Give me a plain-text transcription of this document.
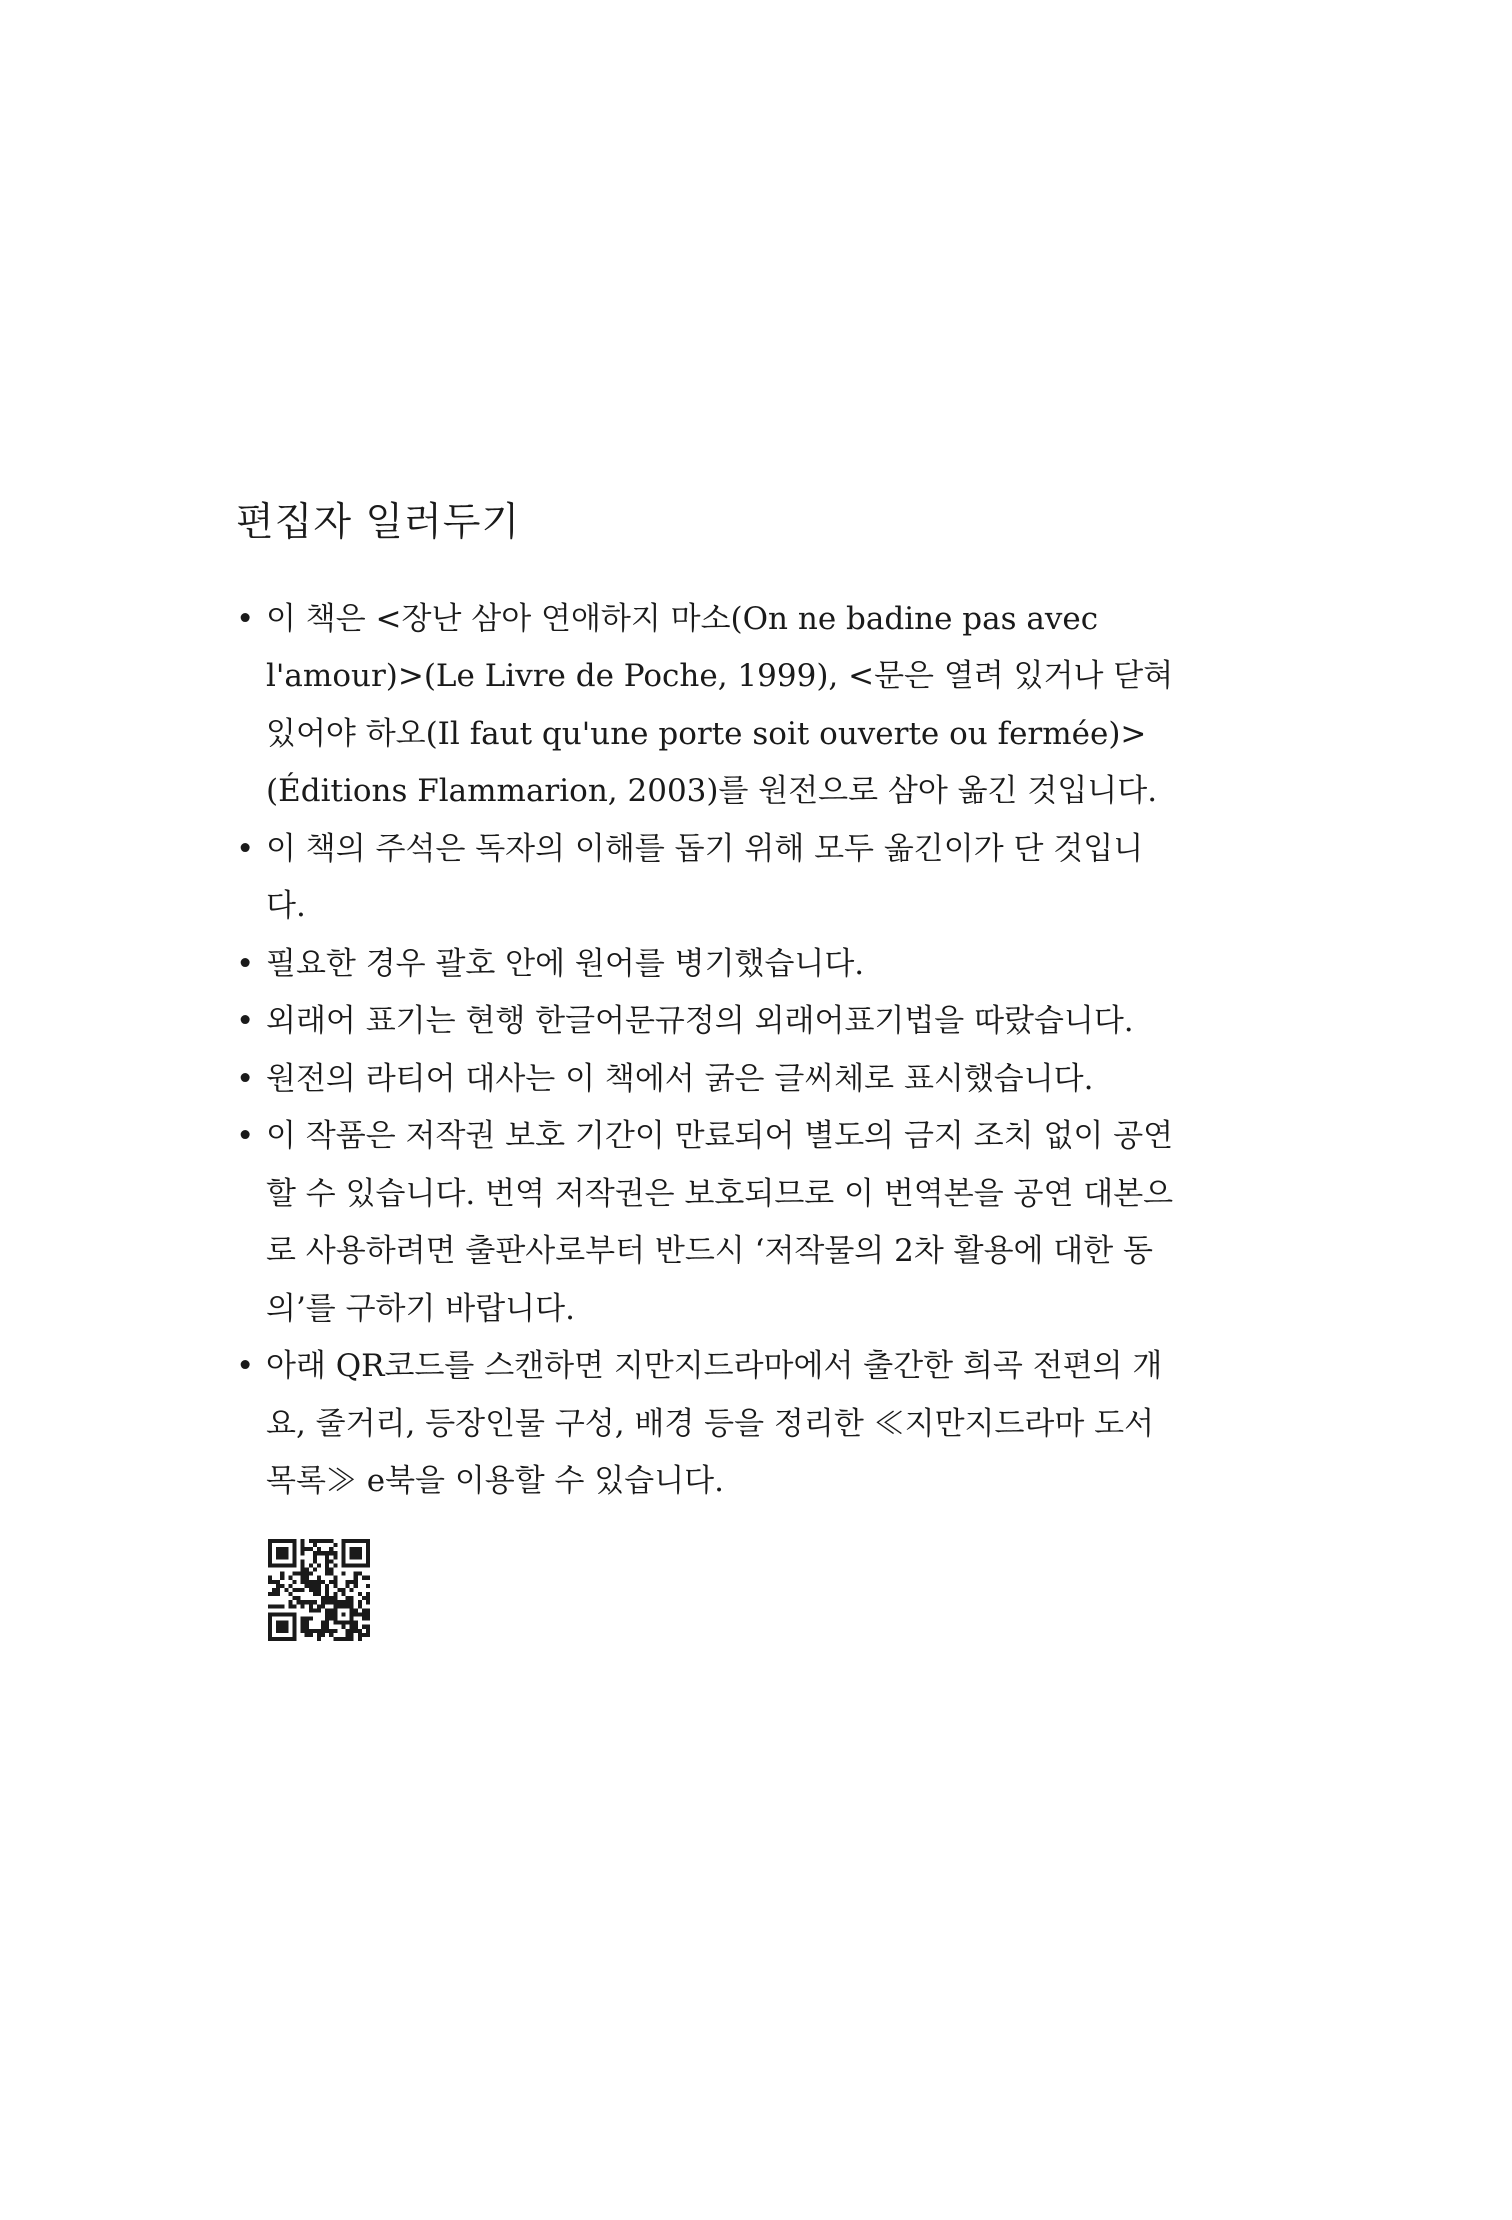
편집자 일러두기
• 이 책은 <장난 삼아 연애하지 마소(On ne badine pas avec l'amour)>(Le Livre de Poche, 1999), <문은 열려 있거나 닫혀 있어야 하오(Il faut qu'une porte soit ouverte ou fermée)>(Éditions Flammarion, 2003)를 원전으로 삼아 옮긴 것입니다.
• 이 책의 주석은 독자의 이해를 돕기 위해 모두 옮긴이가 단 것입니다.
• 필요한 경우 괄호 안에 원어를 병기했습니다.
• 외래어 표기는 현행 한글어문규정의 외래어표기법을 따랐습니다.
• 원전의 라티어 대사는 이 책에서 굵은 글씨체로 표시했습니다.
• 이 작품은 저작권 보호 기간이 만료되어 별도의 금지 조치 없이 공연할 수 있습니다. 번역 저작권은 보호되므로 이 번역본을 공연 대본으로 사용하려면 출판사로부터 반드시 ‘저작물의 2차 활용에 대한 동의’를 구하기 바랍니다.
• 아래 QR코드를 스캔하면 지만지드라마에서 출간한 희곡 전편의 개요, 줄거리, 등장인물 구성, 배경 등을 정리한 ≪지만지드라마 도서 목록≫ e북을 이용할 수 있습니다.
